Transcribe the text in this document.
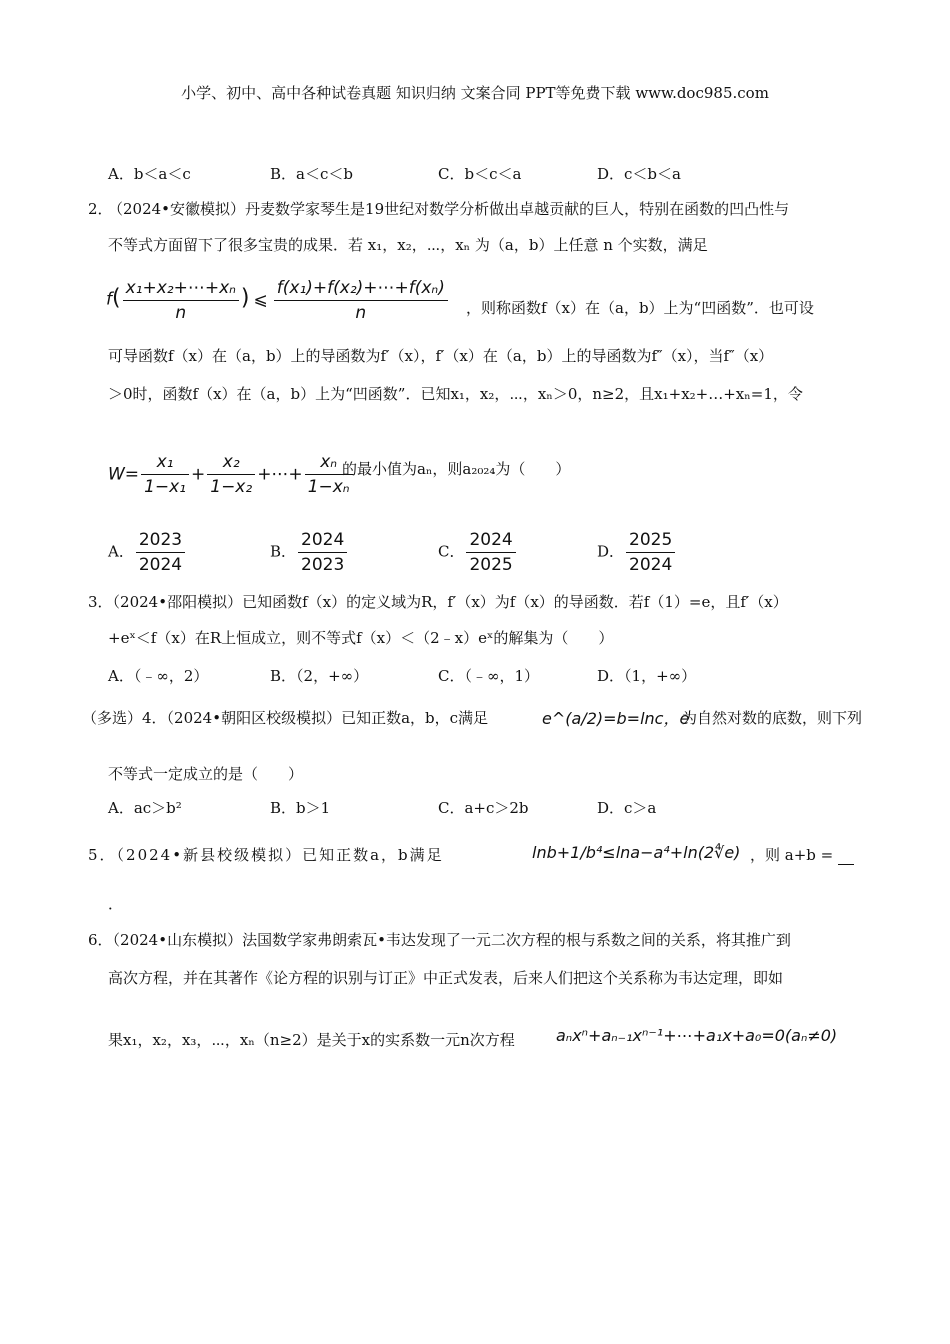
小学、初中、高中各种试卷真题 知识归纳 文案合同 PPT等免费下载 www.doc985.com
A．b＜a＜c	B．a＜c＜b	C．b＜c＜a	D．c＜b＜a
2．
（2024•安徽模拟）丹麦数学家琴生是19世纪对数学分析做出卓越贡献的巨人，特别在函数的凹凸性与
不等式方面留下了很多宝贵的成果．若 x₁，x₂，⋯，xₙ 为（a，b）上任意 n 个实数，满足
$f( \frac{\text{x₁+x₂+⋯+xₙ}}{n}$ ) ⩽ $\frac{\text{f(x₁)+f(x₂)+⋯+f(xₙ)}}{n}$ ，则称函数f（x）在（a，b）上为“凹函数”．也可设
可导函数f（x）在（a，b）上的导函数为f′（x），f′（x）在（a，b）上的导函数为f″（x），当f″（x）
＞0时，函数f（x）在（a，b）上为“凹函数”．已知x₁，x₂，⋯，xₙ＞0，n≥2，且x₁+x₂+…+xₙ=1，令
$W= \frac{\text{x₁}}{\text{1−x₁}} + \frac{\text{x₂}}{\text{1−x₂}}$ +⋯+ $\frac{\text{xₙ}}{\text{1−xₙ}}$
的最小值为aₙ，则a₂₀₂₄为（　　）
A． $\frac{2023}{2024}$	B． $\frac{2024}{2023}$	C． $\frac{2024}{2025}$	D． $\frac{2025}{2024}$
3．（2024•邵阳模拟）已知函数f（x）的定义域为R，f′（x）为f（x）的导函数．若f（1）=e，且f′（x）
+eˣ＜f（x）在R上恒成立，则不等式f（x）＜（2﹣x）eˣ的解集为（　　）
A．（﹣∞，2）	B．（2，+∞）	C．（﹣∞，1）	D．（1，+∞）
（多选）4．（2024•朝阳区校级模拟）已知正数a，b，c满足	e^(a/2)=b=lnc，e
为自然对数的底数，则下列
不等式一定成立的是（　　）
A．ac＞b²	B．b＞1	C．a+c＞2b	D．c＞a
5．（2024•新县校级模拟）已知正数a，b满足	lnb+1/b⁴≤lna−a⁴+ln(2∜e) ，则 a+b =
．
6．（2024•山东模拟）法国数学家弗朗索瓦•韦达发现了一元二次方程的根与系数之间的关系，将其推广到
高次方程，并在其著作《论方程的识别与订正》中正式发表，后来人们把这个关系称为韦达定理，即如
果x₁，x₂，x₃，⋯，xₙ（n≥2）是关于x的实系数一元n次方程	aₙxⁿ+aₙ₋₁xⁿ⁻¹+⋯+a₁x+a₀=0(aₙ≠0)
